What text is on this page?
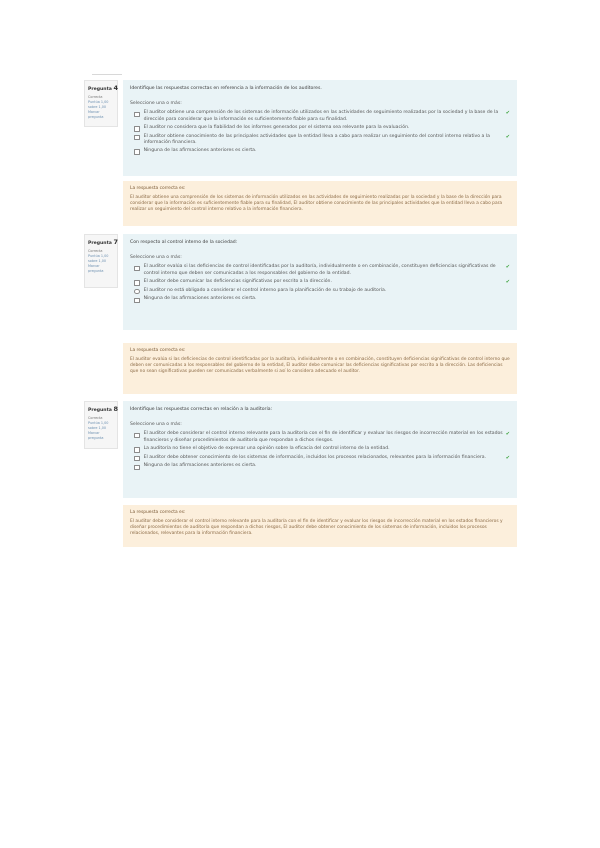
Pregunta 4
Correcta
Puntúa 1,00 sobre 1,00
Marcar pregunta
Identifique las respuestas correctas en referencia a la información de los auditores.
Seleccione una o más:
El auditor obtiene una comprensión de los sistemas de información utilizados en las actividades de seguimiento realizadas por la sociedad y la base de la dirección para considerar que la información es suficientemente fiable para su finalidad.
✔
El auditor no considera que la fiabilidad de los informes generados por el sistema sea relevante para la evaluación.
El auditor obtiene conocimiento de las principales actividades que la entidad lleva a cabo para realizar un seguimiento del control interno relativo a la información financiera.
✔
Ninguna de las afirmaciones anteriores es cierta.
La respuesta correcta es:
El auditor obtiene una comprensión de los sistemas de información utilizados en las actividades de seguimiento realizadas por la sociedad y la base de la dirección para considerar que la información es suficientemente fiable para su finalidad, El auditor obtiene conocimiento de las principales actividades que la entidad lleva a cabo para realizar un seguimiento del control interno relativo a la información financiera.
Pregunta 7
Correcta
Puntúa 1,00 sobre 1,00
Marcar pregunta
Con respecto al control interno de la sociedad:
Seleccione una o más:
El auditor evalúa si las deficiencias de control identificadas por la auditoría, individualmente o en combinación, constituyen deficiencias significativas de control interno que deben ser comunicadas a los responsables del gobierno de la entidad.
✔
El auditor debe comunicar las deficiencias significativas por escrito a la dirección.	✔
El auditor no está obligado a considerar el control interno para la planificación de su trabajo de auditoría.
Ninguna de las afirmaciones anteriores es cierta.
La respuesta correcta es:
El auditor evalúa si las deficiencias de control identificadas por la auditoría, individualmente o en combinación, constituyen deficiencias significativas de control interno que deben ser comunicadas a los responsables del gobierno de la entidad, El auditor debe comunicar las deficiencias significativas por escrito a la dirección. Las deficiencias que no sean significativas pueden ser comunicadas verbalmente si así lo considera adecuado el auditor.
Pregunta 8
Correcta
Puntúa 1,00 sobre 1,00
Marcar pregunta
Identifique las respuestas correctas en relación a la auditoría:
Seleccione una o más:
El auditor debe considerar el control interno relevante para la auditoría con el fin de identificar y evaluar los riesgos de incorrección material en los estados financieros y diseñar procedimientos de auditoría que respondan a dichos riesgos.
✔
La auditoría no tiene el objetivo de expresar una opinión sobre la eficacia del control interno de la entidad.
El auditor debe obtener conocimiento de los sistemas de información, incluidos los procesos relacionados, relevantes para la información financiera.	✔
Ninguna de las afirmaciones anteriores es cierta.
La respuesta correcta es:
El auditor debe considerar el control interno relevante para la auditoría con el fin de identificar y evaluar los riesgos de incorrección material en los estados financieros y diseñar procedimientos de auditoría que respondan a dichos riesgos, El auditor debe obtener conocimiento de los sistemas de información, incluidos los procesos relacionados, relevantes para la información financiera.
